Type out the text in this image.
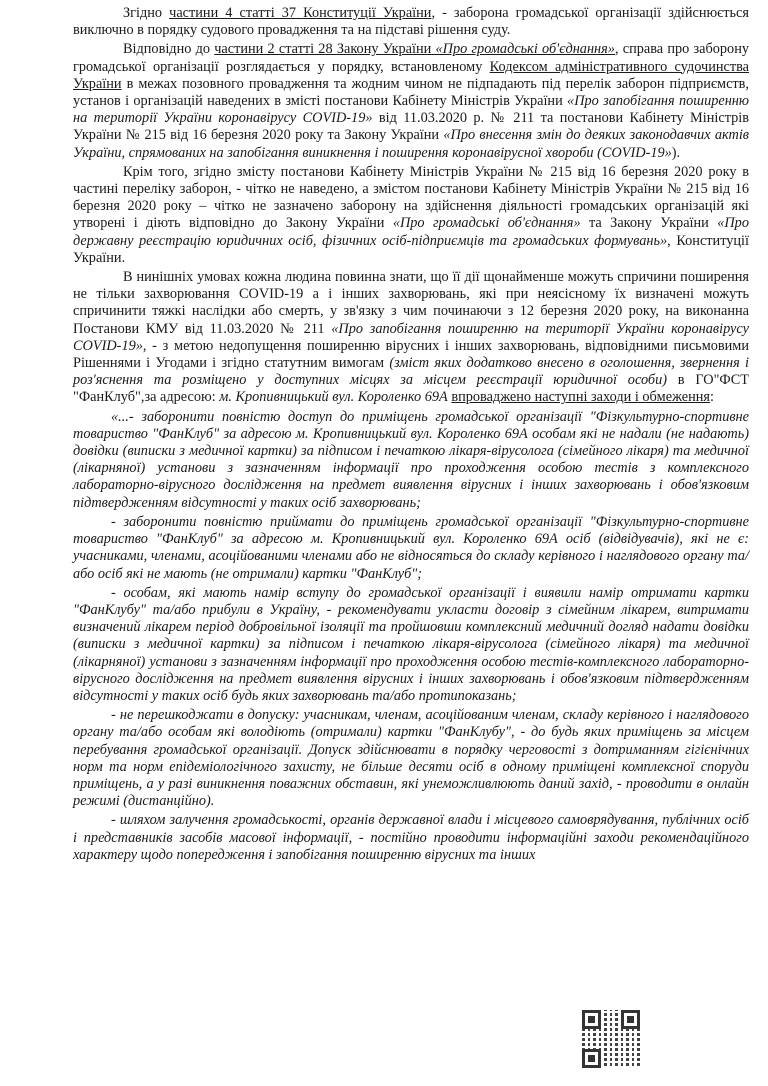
Згідно частини 4 статті 37 Конституції України, - заборона громадської організації здійснюється виключно в порядку судового провадження та на підставі рішення суду.

Відповідно до частини 2 статті 28 Закону України «Про громадські об'єднання», справа про заборону громадської організації розглядається у порядку, встановленому Кодексом адміністративного судочинства України в межах позовного провадження та жодним чином не підпадають під перелік заборон підприємств, установ і організацій наведених в змісті постанови Кабінету Міністрів України «Про запобігання поширенню на території України коронавірусу COVID-19» від 11.03.2020 р. № 211 та постанови Кабінету Міністрів України № 215 від 16 березня 2020 року та Закону України «Про внесення змін до деяких законодавчих актів України, спрямованих на запобігання виникнення і поширення коронавірусної хвороби (COVID-19»).

Крім того, згідно змісту постанови Кабінету Міністрів України № 215 від 16 березня 2020 року в частині переліку заборон, - чітко не наведено, а змістом постанови Кабінету Міністрів України № 215 від 16 березня 2020 року – чітко не зазначено заборону на здійснення діяльності громадських організацій які утворені і діють відповідно до Закону України «Про громадські об'єднання» та Закону України «Про державну реєстрацію юридичних осіб, фізичних осіб-підприємців та громадських формувань», Конституції України.

В нинішніх умовах кожна людина повинна знати, що її дії щонайменше можуть спричини поширення не тільки захворювання COVID-19 а і інших захворювань, які при неясісному їх визначені можуть спричинити тяжкі наслідки або смерть, у зв'язку з чим починаючи з 12 березня 2020 року, на виконанна Постанови КМУ від 11.03.2020 № 211 «Про запобігання поширенню на території України коронавірусу COVID-19», - з метою недопущення поширенню вірусних і інших захворювань, відповідними письмовими Рішеннями і Угодами і згідно статутним вимогам (зміст яких додатково внесено в оголошення, звернення і роз'яснення та розміщено у доступних місцях за місцем реєстрації юридичної особи) в ГО"ФСТ "ФанКлуб",за адресою: м. Кропивницький вул. Короленко 69А впроваджено наступні заходи і обмеження:

«...- заборонити повністю доступ до приміщень громадської організації "Фізкультурно-спортивне товариство "ФанКлуб" за адресою м. Кропивницький вул. Короленко 69А особам які не надали (не надають) довідки (виписки з медичної картки) за підписом і печаткою лікаря-вірусолога (сімейного лікаря) та медичної (лікарняної) установи з зазначенням інформації про проходження особою тестів з комплексного лабораторно-вірусного дослідження на предмет виявлення вірусних і інших захворювань і обов'язковим підтвердженням відсутності у таких осіб захворювань;

- заборонити повністю приймати до приміщень громадської організації "Фізкультурно-спортивне товариство "ФанКлуб" за адресою м. Кропивницький вул. Короленко 69А осіб (відвідувачів), які не є: учасниками, членами, асоційованими членами або не відносяться до складу керівного і наглядового органу та/або осіб які не мають (не отримали) картки "ФанКлуб";

- особам, які мають намір вступу до громадської організації і виявили намір отримати картки "ФанКлубу" та/або прибули в Україну, - рекомендувати укласти договір з сімейним лікарем, витримати визначений лікарем період добровільної ізоляції та пройшовши комплексний медичний догляд надати довідки (виписки з медичної картки) за підписом і печаткою лікаря-вірусолога (сімейного лікаря) та медичної (лікарняної) установи з зазначенням інформації про проходження особою тестів-комплексного лабораторно-вірусного дослідження на предмет виявлення вірусних і інших захворювань і обов'язковим підтвердженням відсутності у таких осіб будь яких захворювань та/або протипоказань;

- не перешкоджати в допуску: учасникам, членам, асоційованим членам, складу керівного і наглядового органу та/або особам які володіють (отримали) картки "ФанКлубу", - до будь яких приміщень за місцем перебування громадської організації. Допуск здійснювати в порядку черговості з дотриманням гігієнічних норм та норм епідеміологічного захисту, не більше десяти осіб в одному приміщені комплексної споруди приміщень, а у разі виникнення поважних обставин, які унеможливлюють даний захід, - проводити в онлайн режимі (дистанційно).

- шляхом залучення громадськості, органів державної влади і місцевого самоврядування, публічних осіб і представників засобів масової інформації, - постійно проводити інформаційні заходи рекомендаційного характеру щодо попередження і запобігання поширенню вірусних та інших
